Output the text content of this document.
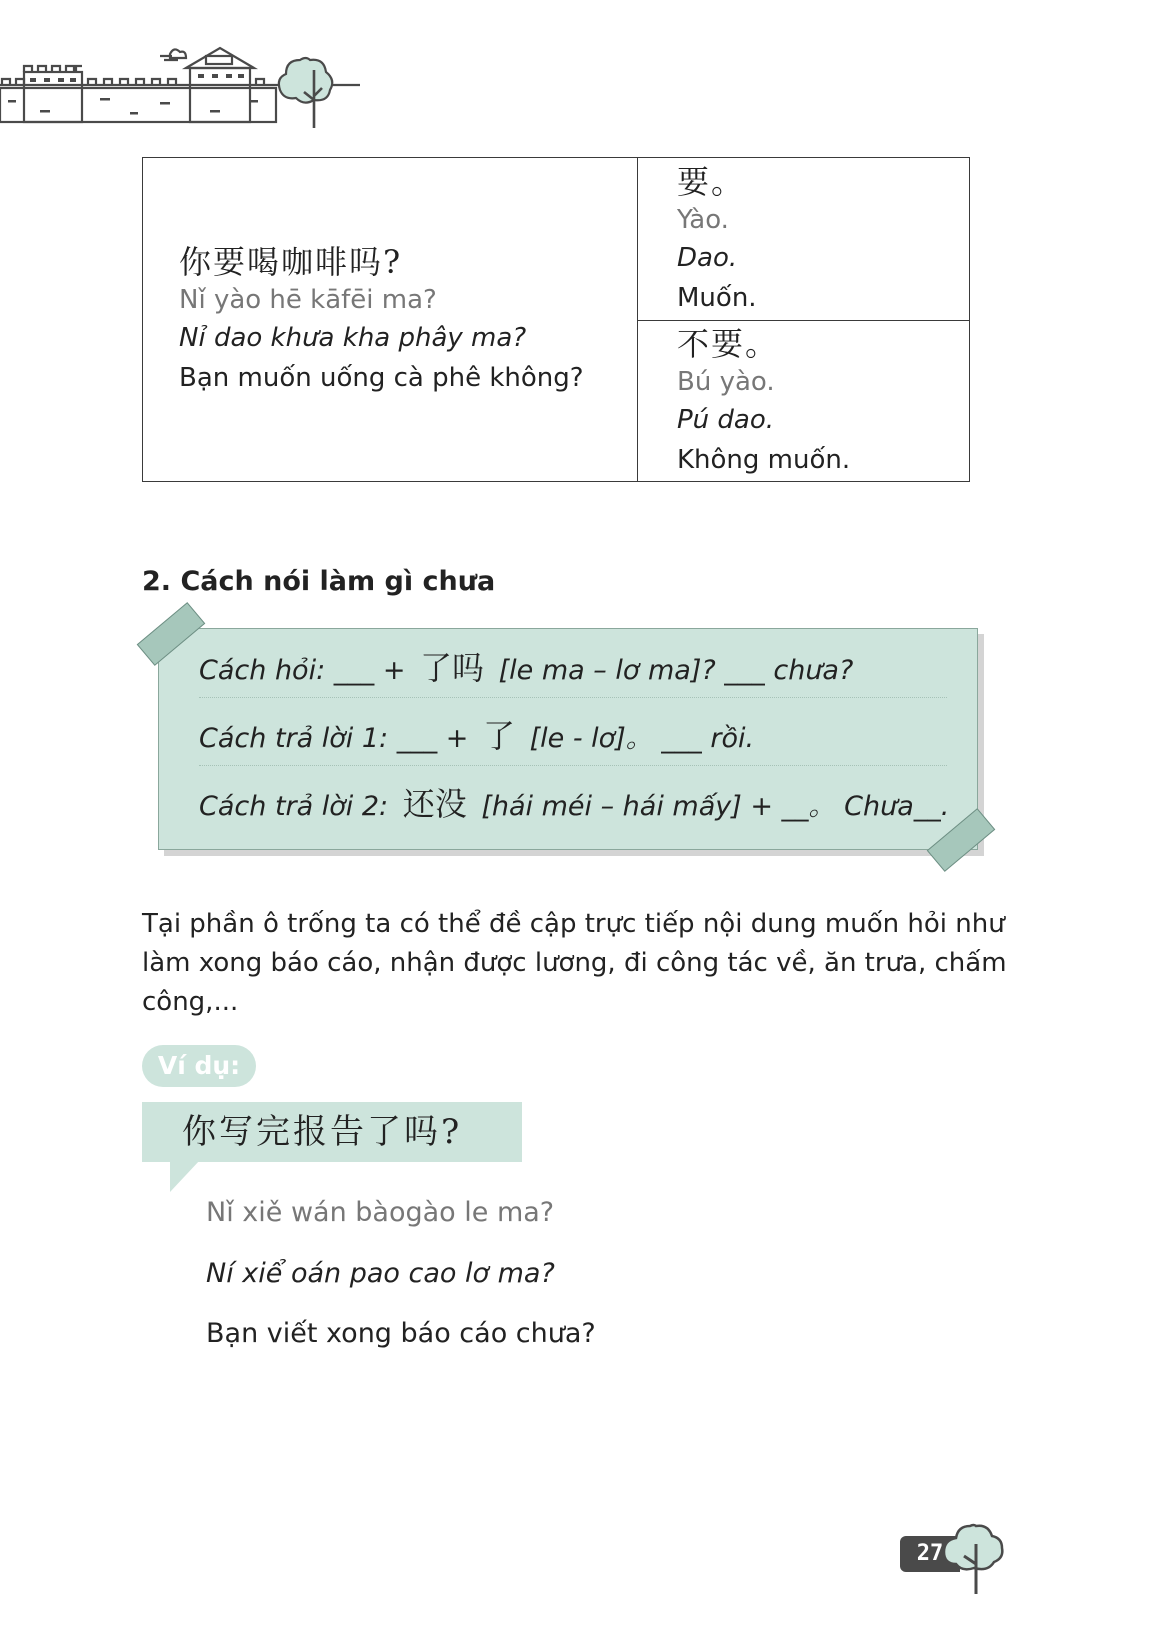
你要喝咖啡吗?
Nǐ yào hē kāfēi ma?
Nỉ dao khưa kha phây ma?
Bạn muốn uống cà phê không?
要。
Yào.
Dao.
Muốn.
不要。
Bú yào.
Pú dao.
Không muốn.
2. Cách nói làm gì chưa
Cách hỏi: ___ + 了吗 [le ma – lơ ma]? ___ chưa?
Cách trả lời 1: ___ + 了 [le - lơ]。 ___ rồi.
Cách trả lời 2: 还没 [hái méi – hái mấy] + __。 Chưa__.
Tại phần ô trống ta có thể đề cập trực tiếp nội dung muốn hỏi như làm xong báo cáo, nhận được lương, đi công tác về, ăn trưa, chấm công,...
Ví dụ:
你写完报告了吗?
Nǐ xiě wán bàogào le ma?
Ní xiể oán pao cao lơ ma?
Bạn viết xong báo cáo chưa?
27
